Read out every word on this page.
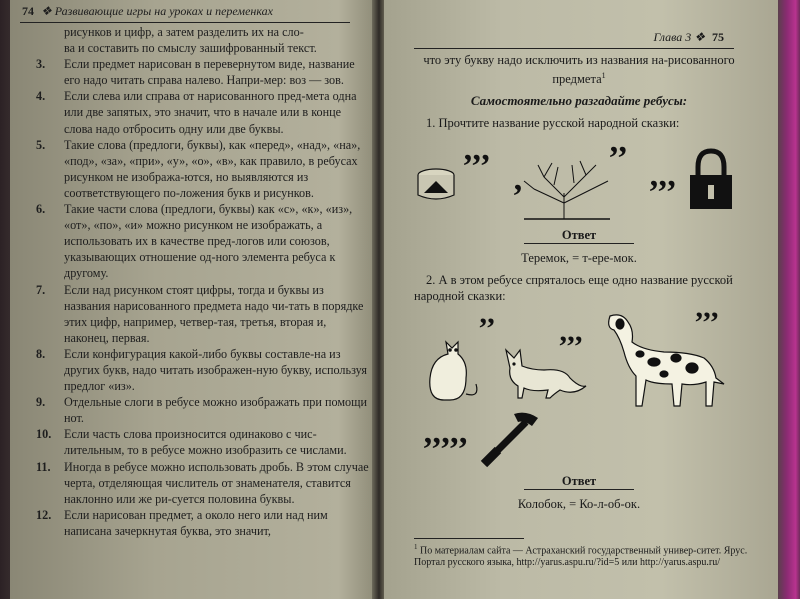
74 ❖ Развивающие игры на уроках и переменках
рисунков и цифр, а затем разделить их на сло-
ва и составить по смыслу зашифрованный текст.
3.	Если предмет нарисован в перевернутом виде, название его надо читать справа налево. Напри-мер: воз — зов.
4.	Если слева или справа от нарисованного пред-мета одна или две запятых, это значит, что в начале или в конце слова надо отбросить одну или две буквы.
5.	Такие слова (предлоги, буквы), как «перед», «над», «на», «под», «за», «при», «у», «о», «в», как правило, в ребусах рисунком не изобража-ются, но выявляются из соответствующего по-ложения букв и рисунков.
6.	Такие части слова (предлоги, буквы) как «с», «к», «из», «от», «по», «и» можно рисунком не изображать, а использовать их в качестве пред-логов или союзов, указывающих отношение од-ного элемента ребуса к другому.
7.	Если над рисунком стоят цифры, тогда и буквы из названия нарисованного предмета надо чи-тать в порядке этих цифр, например, четвер-тая, третья, вторая и, наконец, первая.
8.	Если конфигурация какой-либо буквы составле-на из других букв, надо читать изображен-ную букву, используя предлог «из».
9.	Отдельные слоги в ребусе можно изображать при помощи нот.
10.	Если часть слова произносится одинаково с чис-лительным, то в ребусе можно изобразить се числами.
11.	Иногда в ребусе можно использовать дробь. В этом случае черта, отделяющая числитель от знаменателя, ставится наклонно или же ри-суется половина буквы.
12.	Если нарисован предмет, а около него или над ним написана зачеркнутая буква, это значит,
Глава 3 ❖ 75
что эту букву надо исключить из названия на-рисованного предмета$^1$
Самостоятельно разгадайте ребусы:
1. Прочтите название русской народной сказки:
’’’	’’
’’’
’
Ответ
Теремок, = т-ере-мок.
2. А в этом ребусе спряталось еще одно название русской народной сказки:
’’
’’’
’’’
’’’’’
Ответ
Колобок, = Ко-л-об-ок.
$^1$ По материалам сайта — Астраханский государственный универ-ситет. Ярус. Портал русского языка, http://yarus.aspu.ru/?id=5 или http://yarus.aspu.ru/
